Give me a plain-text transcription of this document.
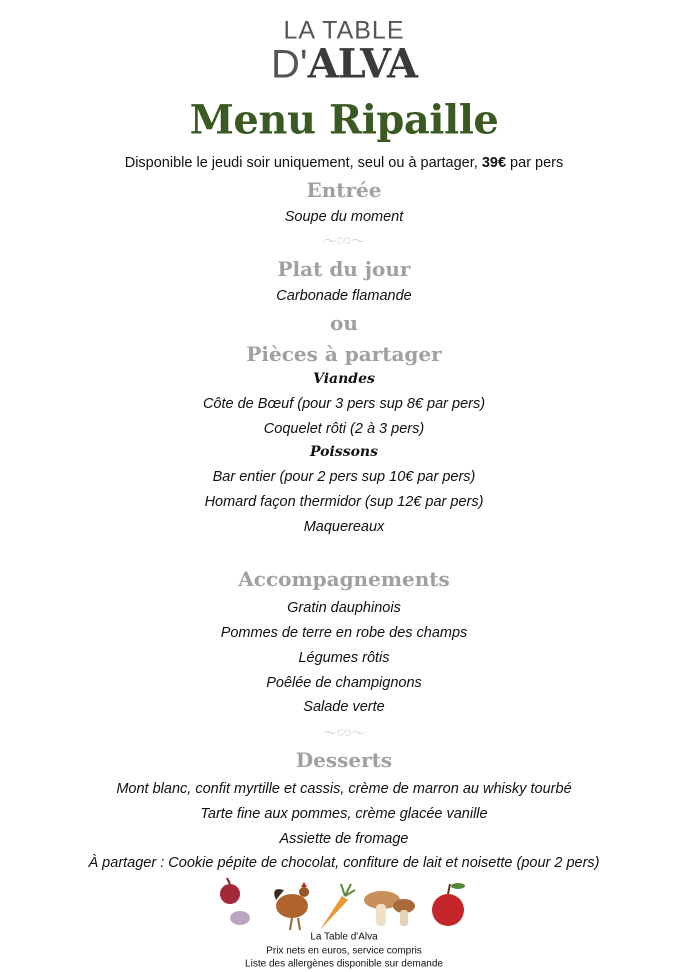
LA TABLE
D'ALVA
Menu Ripaille
Disponible le jeudi soir uniquement, seul ou à partager, 39€ par pers
Entrée
Soupe du moment
〜∽〜
Plat du jour
Carbonade flamande
ou
Pièces à partager
Viandes
Côte de Bœuf (pour 3 pers sup 8€ par pers)
Coquelet rôti (2 à 3 pers)
Poissons
Bar entier (pour 2 pers sup 10€ par pers)
Homard façon thermidor (sup 12€ par pers)
Maquereaux
Accompagnements
Gratin dauphinois
Pommes de terre en robe des champs
Légumes rôtis
Poêlée de champignons
Salade verte
〜∽〜
Desserts
Mont blanc, confit myrtille et cassis, crème de marron au whisky tourbé
Tarte fine aux pommes, crème glacée vanille
Assiette de fromage
À partager : Cookie pépite de chocolat, confiture de lait et noisette (pour 2 pers)
La Table d'Alva
Prix nets en euros, service compris
Liste des allergènes disponible sur demande
